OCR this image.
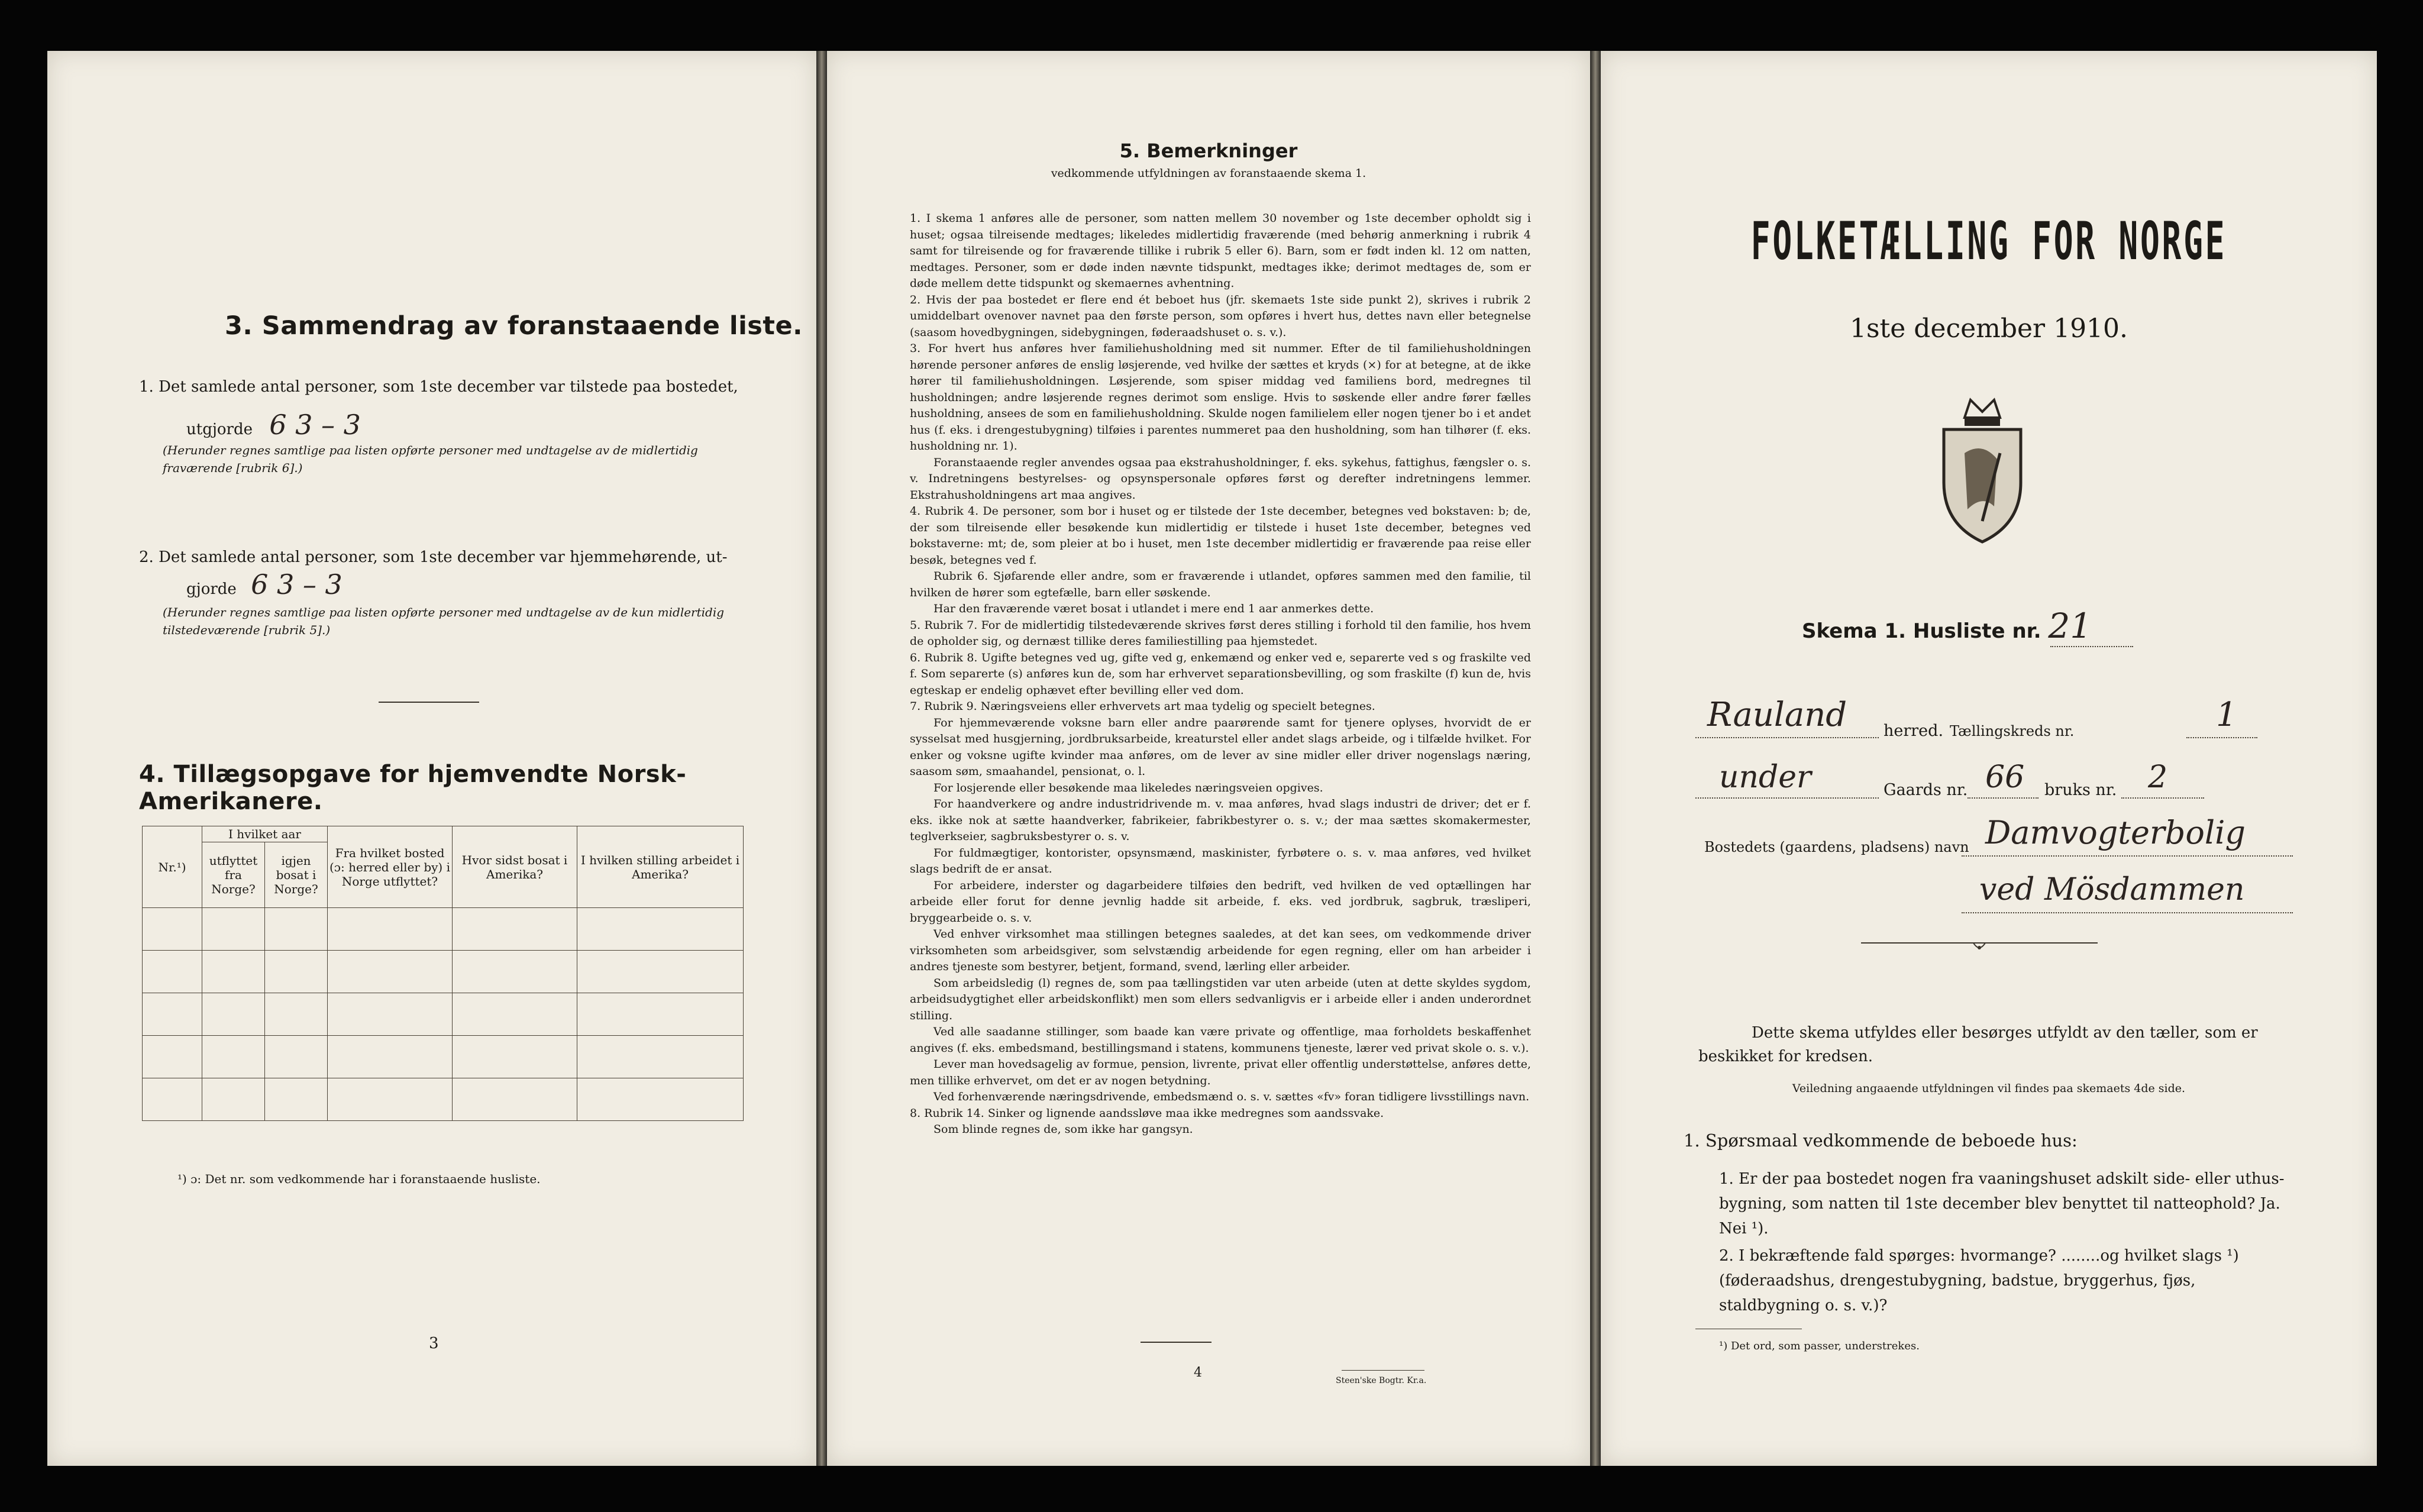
3. Sammendrag av foranstaaende liste.
1. Det samlede antal personer, som 1ste december var tilstede paa bostedet,
utgjorde 6 3 – 3
(Herunder regnes samtlige paa listen opførte personer med undtagelse av de midlertidig fraværende [rubrik 6].)
2. Det samlede antal personer, som 1ste december var hjemmehørende, ut-
gjorde 6 3 – 3
(Herunder regnes samtlige paa listen opførte personer med undtagelse av de kun midlertidig tilstedeværende [rubrik 5].)
4. Tillægsopgave for hjemvendte Norsk-Amerikanere.
Nr.¹)	I hvilket aar		Fra hvilket bosted (ɔ: herred eller by) i Norge utflyttet?	Hvor sidst bosat i Amerika?	I hvilken stilling arbeidet i Amerika?
	utflyttet fra Norge?	igjen bosat i Norge?			

¹) ɔ: Det nr. som vedkommende har i foranstaaende husliste.
3
5. Bemerkninger
vedkommende utfyldningen av foranstaaende skema 1.

1. I skema 1 anføres alle de personer, som natten mellem 30 november og 1ste december opholdt sig i huset; ogsaa tilreisende medtages; likeledes midlertidig fraværende (med behørig anmerkning i rubrik 4 samt for tilreisende og for fraværende tillike i rubrik 5 eller 6). Barn, som er født inden kl. 12 om natten, medtages. Personer, som er døde inden nævnte tidspunkt, medtages ikke; derimot medtages de, som er døde mellem dette tidspunkt og skemaernes avhentning.

2. Hvis der paa bostedet er flere end ét beboet hus (jfr. skemaets 1ste side punkt 2), skrives i rubrik 2 umiddelbart ovenover navnet paa den første person, som opføres i hvert hus, dettes navn eller betegnelse (saasom hovedbygningen, sidebygningen, føderaadshuset o. s. v.).

3. For hvert hus anføres hver familiehusholdning med sit nummer. Efter de til familiehusholdningen hørende personer anføres de enslig løsjerende, ved hvilke der sættes et kryds (×) for at betegne, at de ikke hører til familiehusholdningen. Løsjerende, som spiser middag ved familiens bord, medregnes til husholdningen; andre løsjerende regnes derimot som enslige. Hvis to søskende eller andre fører fælles husholdning, ansees de som en familiehusholdning. Skulde nogen familielem eller nogen tjener bo i et andet hus (f. eks. i drengestubygning) tilføies i parentes nummeret paa den husholdning, som han tilhører (f. eks. husholdning nr. 1).

Foranstaaende regler anvendes ogsaa paa ekstrahusholdninger, f. eks. sykehus, fattighus, fængsler o. s. v. Indretningens bestyrelses- og opsynspersonale opføres først og derefter indretningens lemmer. Ekstrahusholdningens art maa angives.

4. Rubrik 4. De personer, som bor i huset og er tilstede der 1ste december, betegnes ved bokstaven: b; de, der som tilreisende eller besøkende kun midlertidig er tilstede i huset 1ste december, betegnes ved bokstaverne: mt; de, som pleier at bo i huset, men 1ste december midlertidig er fraværende paa reise eller besøk, betegnes ved f.

Rubrik 6. Sjøfarende eller andre, som er fraværende i utlandet, opføres sammen med den familie, til hvilken de hører som egtefælle, barn eller søskende.

Har den fraværende været bosat i utlandet i mere end 1 aar anmerkes dette.

5. Rubrik 7. For de midlertidig tilstedeværende skrives først deres stilling i forhold til den familie, hos hvem de opholder sig, og dernæst tillike deres familiestilling paa hjemstedet.

6. Rubrik 8. Ugifte betegnes ved ug, gifte ved g, enkemænd og enker ved e, separerte ved s og fraskilte ved f. Som separerte (s) anføres kun de, som har erhvervet separationsbevilling, og som fraskilte (f) kun de, hvis egteskap er endelig ophævet efter bevilling eller ved dom.

7. Rubrik 9. Næringsveiens eller erhvervets art maa tydelig og specielt betegnes.

For hjemmeværende voksne barn eller andre paarørende samt for tjenere oplyses, hvorvidt de er sysselsat med husgjerning, jordbruksarbeide, kreaturstel eller andet slags arbeide, og i tilfælde hvilket. For enker og voksne ugifte kvinder maa anføres, om de lever av sine midler eller driver nogenslags næring, saasom søm, smaahandel, pensionat, o. l.

For losjerende eller besøkende maa likeledes næringsveien opgives.

For haandverkere og andre industridrivende m. v. maa anføres, hvad slags industri de driver; det er f. eks. ikke nok at sætte haandverker, fabrikeier, fabrikbestyrer o. s. v.; der maa sættes skomakermester, teglverkseier, sagbruksbestyrer o. s. v.

For fuldmægtiger, kontorister, opsynsmænd, maskinister, fyrbøtere o. s. v. maa anføres, ved hvilket slags bedrift de er ansat.

For arbeidere, inderster og dagarbeidere tilføies den bedrift, ved hvilken de ved optællingen har arbeide eller forut for denne jevnlig hadde sit arbeide, f. eks. ved jordbruk, sagbruk, træsliperi, bryggearbeide o. s. v.

Ved enhver virksomhet maa stillingen betegnes saaledes, at det kan sees, om vedkommende driver virksomheten som arbeidsgiver, som selvstændig arbeidende for egen regning, eller om han arbeider i andres tjeneste som bestyrer, betjent, formand, svend, lærling eller arbeider.

Som arbeidsledig (l) regnes de, som paa tællingstiden var uten arbeide (uten at dette skyldes sygdom, arbeidsudygtighet eller arbeidskonflikt) men som ellers sedvanligvis er i arbeide eller i anden underordnet stilling.

Ved alle saadanne stillinger, som baade kan være private og offentlige, maa forholdets beskaffenhet angives (f. eks. embedsmand, bestillingsmand i statens, kommunens tjeneste, lærer ved privat skole o. s. v.).

Lever man hovedsagelig av formue, pension, livrente, privat eller offentlig understøttelse, anføres dette, men tillike erhvervet, om det er av nogen betydning.

Ved forhenværende næringsdrivende, embedsmænd o. s. v. sættes «fv» foran tidligere livsstillings navn.

8. Rubrik 14. Sinker og lignende aandssløve maa ikke medregnes som aandssvake.

Som blinde regnes de, som ikke har gangsyn.

4
Steen'ske Bogtr. Kr.a.
FOLKETÆLLING FOR NORGE
1ste december 1910.
Skema 1. Husliste nr. 21
Rauland herred. Tællingskreds nr.	1
under	Gaards nr. 66 bruks nr. 2
Bostedets (gaardens, pladsens) navn Damvogterbolig
ved Mösdammen
Dette skema utfyldes eller besørges utfyldt av den tæller, som er beskikket for kredsen.
Veiledning angaaende utfyldningen vil findes paa skemaets 4de side.
1. Spørsmaal vedkommende de beboede hus:
1. Er der paa bostedet nogen fra vaaningshuset adskilt side- eller uthus-bygning, som natten til 1ste december blev benyttet til natteophold? Ja. Nei ¹).
2. I bekræftende fald spørges: hvormange? ........og hvilket slags ¹) (føderaadshus, drengestubygning, badstue, bryggerhus, fjøs, staldbygning o. s. v.)?
¹) Det ord, som passer, understrekes.
